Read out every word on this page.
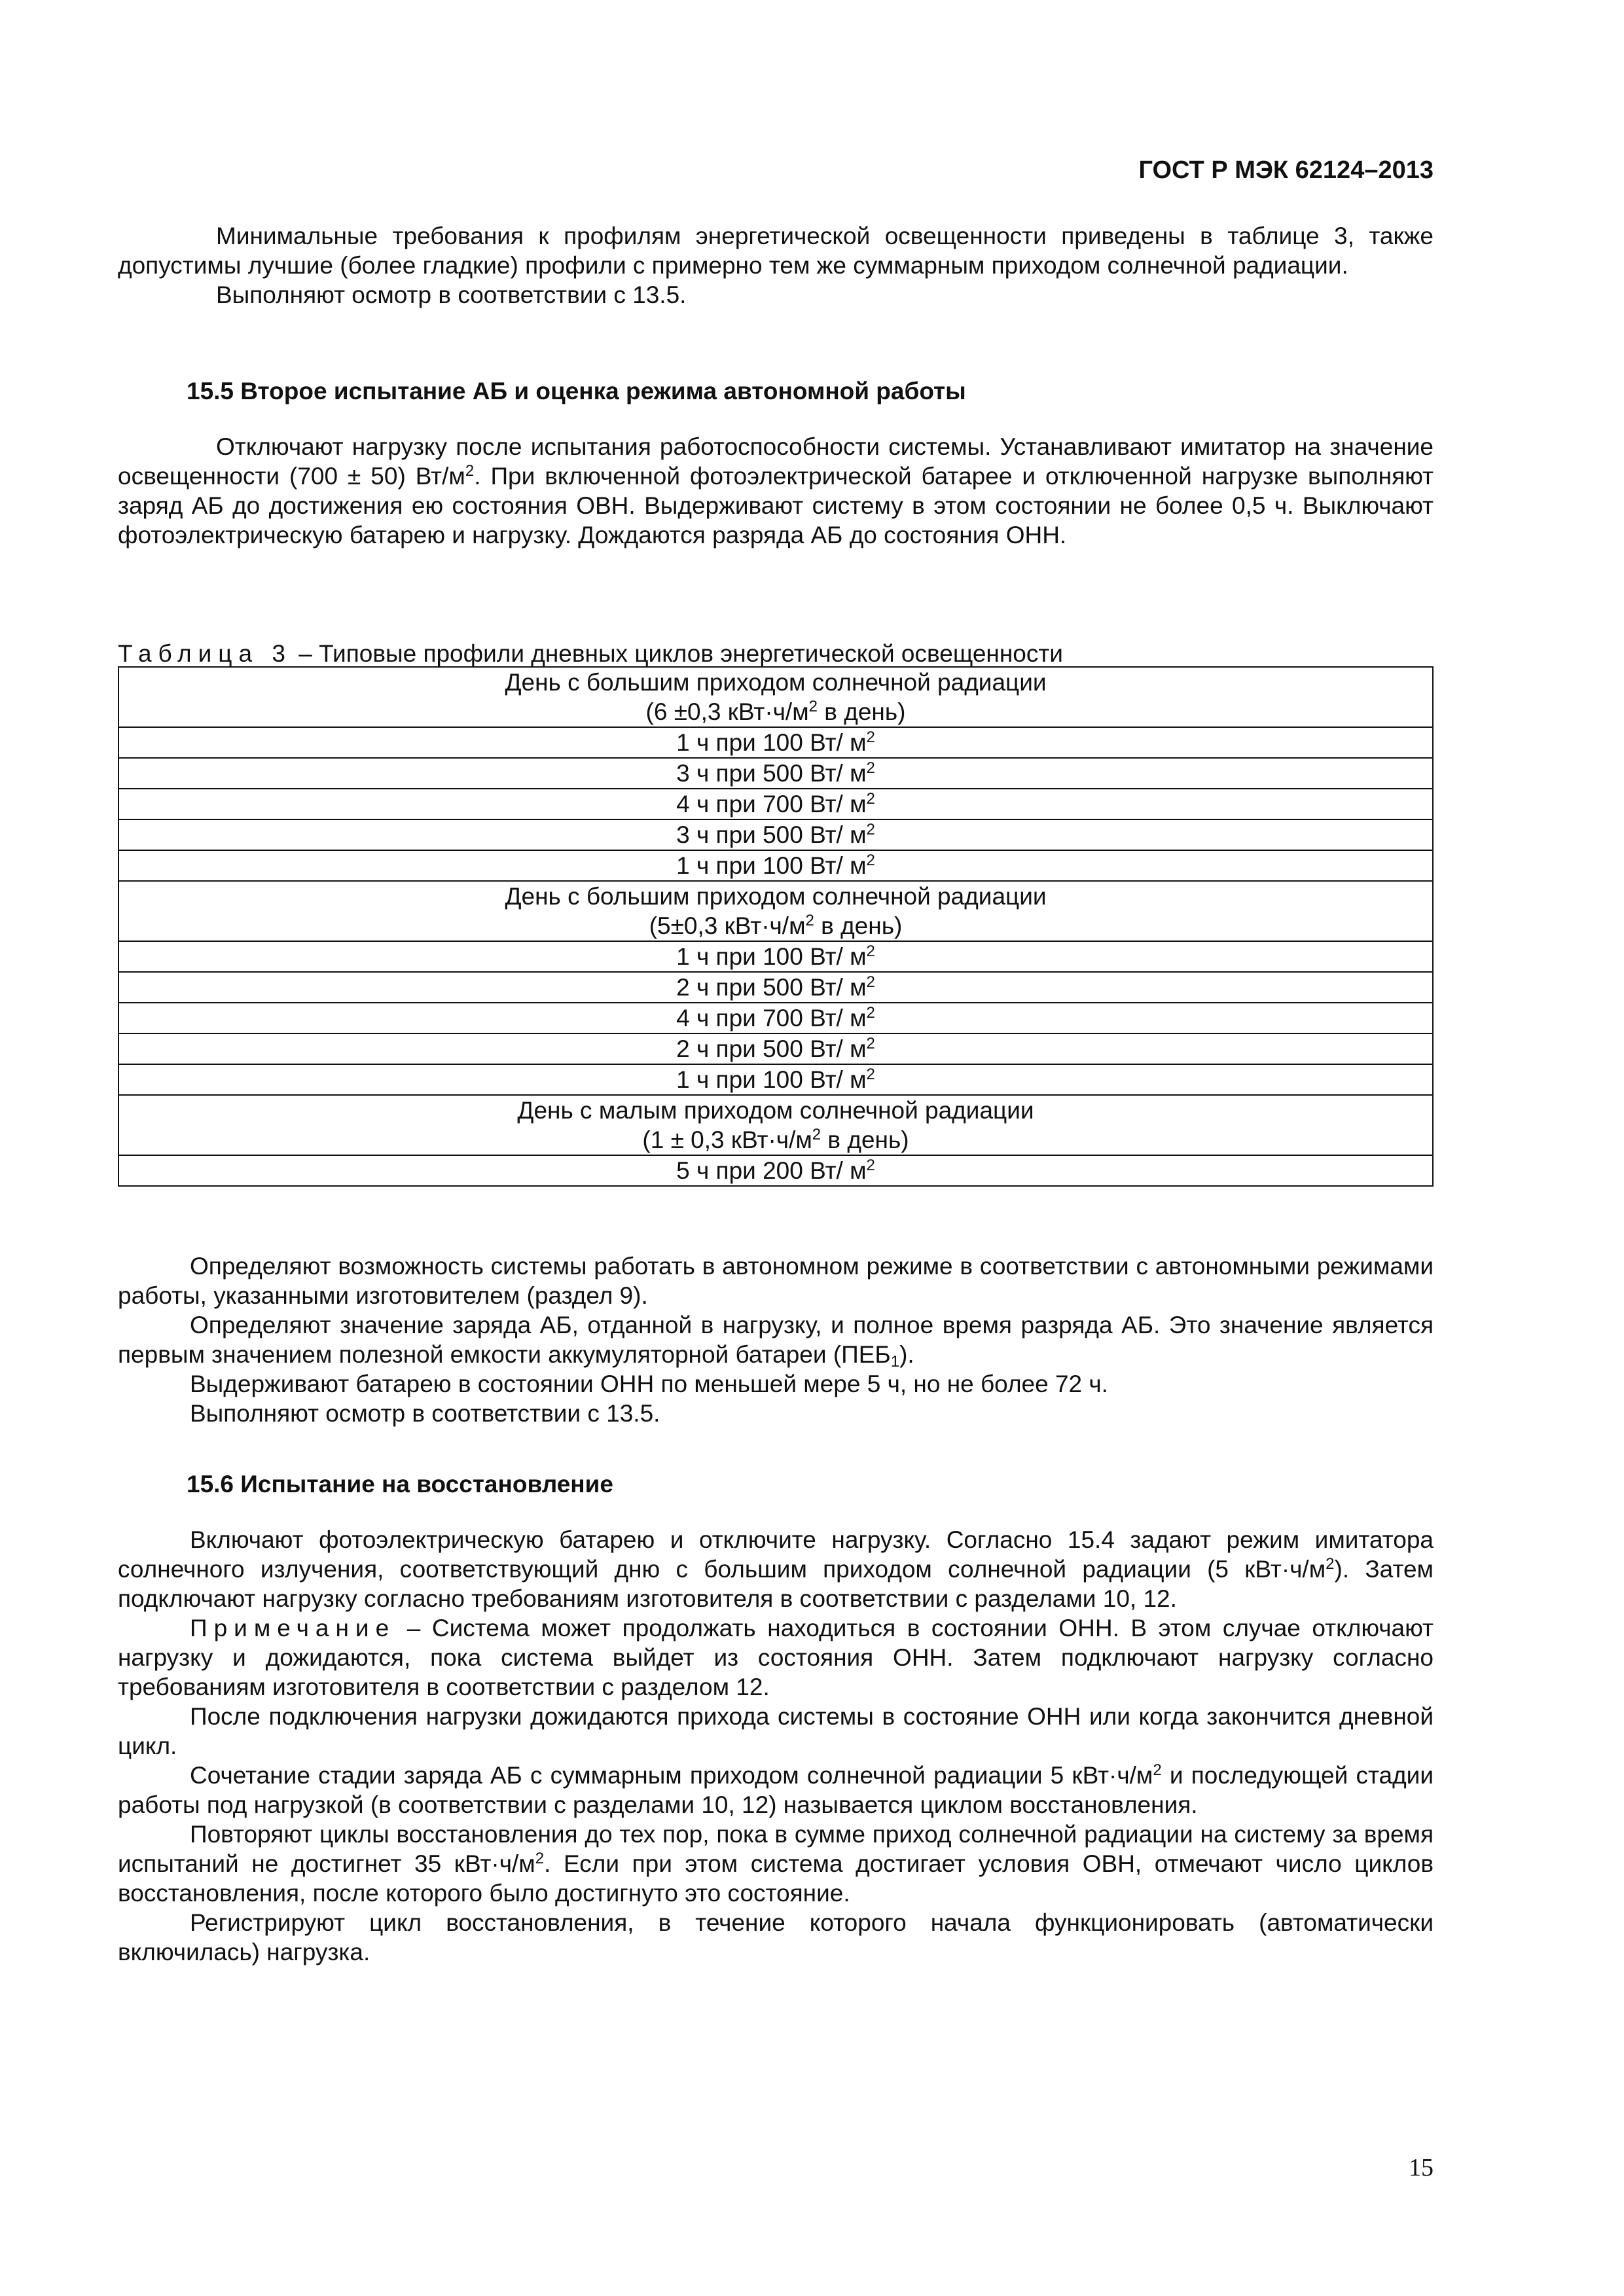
ГОСТ Р МЭК 62124–2013

Минимальные требования к профилям энергетической освещенности приведены в таблице 3, также допустимы лучшие (более гладкие) профили с примерно тем же суммарным приходом солнечной радиации.

Выполняют осмотр в соответствии с 13.5.

15.5 Второе испытание АБ и оценка режима автономной работы

Отключают нагрузку после испытания работоспособности системы. Устанавливают имитатор на значение освещенности (700 ± 50) $Вт/м^2$. При включенной фотоэлектрической батарее и отключенной нагрузке выполняют заряд АБ до достижения ею состояния ОВН. Выдерживают систему в этом состоянии не более 0,5 ч. Выключают фотоэлектрическую батарею и нагрузку. Дождаются разряда АБ до состояния ОНН.

Таблица 3 – Типовые профили дневных циклов энергетической освещенности

День с большим приходом солнечной радиации
(6 ±0,3 $кВт\cdot ч/м^2$ в день)

1 ч при 100 Вт/ $м^2$
3 ч при 500 Вт/ $м^2$
4 ч при 700 Вт/ $м^2$
3 ч при 500 Вт/ $м^2$
1 ч при 100 Вт/ $м^2$

День с большим приходом солнечной радиации
(5±0,3 $кВт\cdot ч/м^2$ в день)

1 ч при 100 Вт/ $м^2$
2 ч при 500 Вт/ $м^2$
4 ч при 700 Вт/ $м^2$
2 ч при 500 Вт/ $м^2$
1 ч при 100 Вт/ $м^2$

День с малым приходом солнечной радиации
(1 ± 0,3 $кВт\cdot ч/м^2$ в день)

5 ч при 200 Вт/ $м^2$

Определяют возможность системы работать в автономном режиме в соответствии с автономными режимами работы, указанными изготовителем (раздел 9).

Определяют значение заряда АБ, отданной в нагрузку, и полное время разряда АБ. Это значение является первым значением полезной емкости аккумуляторной батареи $(ПЕБ_1)$.

Выдерживают батарею в состоянии ОНН по меньшей мере 5 ч, но не более 72 ч.

Выполняют осмотр в соответствии с 13.5.

15.6 Испытание на восстановление

Включают фотоэлектрическую батарею и отключите нагрузку. Согласно 15.4 задают режим имитатора солнечного излучения, соответствующий дню с большим приходом солнечной радиации (5 $кВт\cdot ч/м^2$). Затем подключают нагрузку согласно требованиям изготовителя в соответствии с разделами 10, 12.

Примечание – Система может продолжать находиться в состоянии ОНН. В этом случае отключают нагрузку и дожидаются, пока система выйдет из состояния ОНН. Затем подключают нагрузку согласно требованиям изготовителя в соответствии с разделом 12.

После подключения нагрузки дожидаются прихода системы в состояние ОНН или когда закончится дневной цикл.

Сочетание стадии заряда АБ с суммарным приходом солнечной радиации 5 $кВт\cdot ч/м^2$ и последующей стадии работы под нагрузкой (в соответствии с разделами 10, 12) называется циклом восстановления.

Повторяют циклы восстановления до тех пор, пока в сумме приход солнечной радиации на систему за время испытаний не достигнет 35 $кВт\cdot ч/м^2$. Если при этом система достигает условия ОВН, отмечают число циклов восстановления, после которого было достигнуто это состояние.

Регистрируют цикл восстановления, в течение которого начала функционировать (автоматически включилась) нагрузка.

15
